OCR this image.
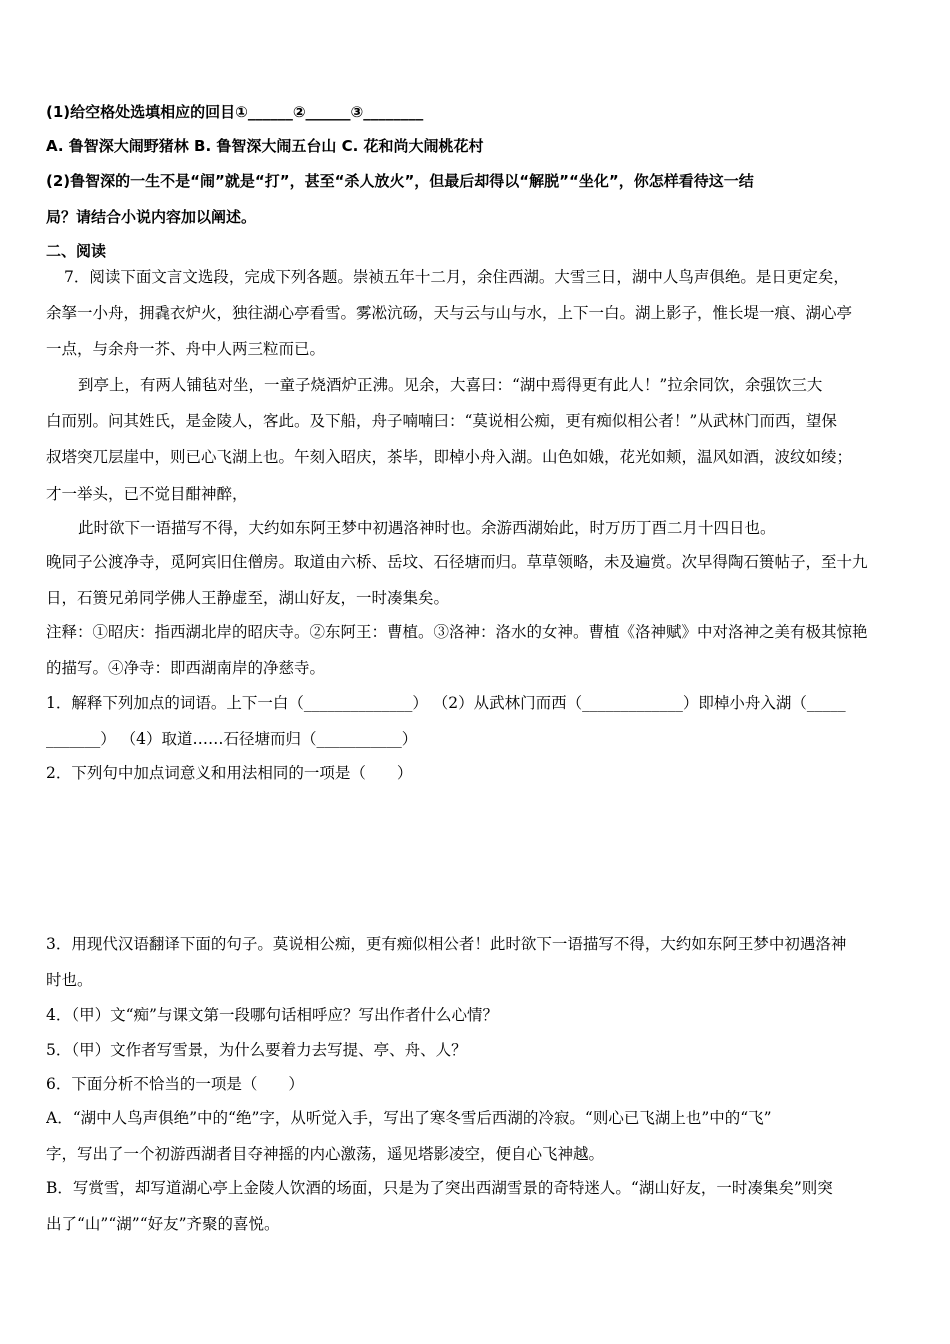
(1)给空格处选填相应的回目①______②______③________
A. 鲁智深大闹野猪林 B. 鲁智深大闹五台山 C. 花和尚大闹桃花村
(2)鲁智深的一生不是“闹”就是“打”，甚至“杀人放火”，但最后却得以“解脱”“坐化”，你怎样看待这一结
局？请结合小说内容加以阐述。
二、阅读
7．阅读下面文言文选段，完成下列各题。崇祯五年十二月，余住西湖。大雪三日，湖中人鸟声俱绝。是日更定矣，
余拏一小舟，拥毳衣炉火，独往湖心亭看雪。雾凇沆砀，天与云与山与水，上下一白。湖上影子，惟长堤一痕、湖心亭
一点，与余舟一芥、舟中人两三粒而已。
到亭上，有两人铺毡对坐，一童子烧酒炉正沸。见余，大喜曰：“湖中焉得更有此人！”拉余同饮，余强饮三大
白而别。问其姓氏，是金陵人，客此。及下船，舟子喃喃曰：“莫说相公痴，更有痴似相公者！”从武林门而西，望保
叔塔突兀层崖中，则已心飞湖上也。午刻入昭庆，茶毕，即棹小舟入湖。山色如娥，花光如颊，温风如酒，波纹如绫；
才一举头，已不觉目酣神醉，
此时欲下一语描写不得，大约如东阿王梦中初遇洛神时也。余游西湖始此，时万历丁酉二月十四日也。
晚同子公渡净寺，觅阿宾旧住僧房。取道由六桥、岳坟、石径塘而归。草草领略，未及遍赏。次早得陶石篑帖子，至十九
日，石篑兄弟同学佛人王静虚至，湖山好友，一时凑集矣。
注释：①昭庆：指西湖北岸的昭庆寺。②东阿王：曹植。③洛神：洛水的女神。曹植《洛神赋》中对洛神之美有极其惊艳
的描写。④净寺：即西湖南岸的净慈寺。
1．解释下列加点的词语。上下一白（______________） （2）从武林门而西（_____________）即棹小舟入湖（_____
_______） （4）取道……石径塘而归（___________）
2．下列句中加点词意义和用法相同的一项是（　　）
3．用现代汉语翻译下面的句子。莫说相公痴，更有痴似相公者！此时欲下一语描写不得，大约如东阿王梦中初遇洛神
时也。
4．（甲）文“痴”与课文第一段哪句话相呼应？写出作者什么心情？
5．（甲）文作者写雪景，为什么要着力去写提、亭、舟、人？
6．下面分析不恰当的一项是（　　）
A．“湖中人鸟声俱绝”中的“绝”字，从听觉入手，写出了寒冬雪后西湖的冷寂。“则心已飞湖上也”中的“飞”
字，写出了一个初游西湖者目夺神摇的内心激荡，遥见塔影凌空，便自心飞神越。
B．写赏雪，却写道湖心亭上金陵人饮酒的场面，只是为了突出西湖雪景的奇特迷人。“湖山好友，一时凑集矣”则突
出了“山”“湖”“好友”齐聚的喜悦。
